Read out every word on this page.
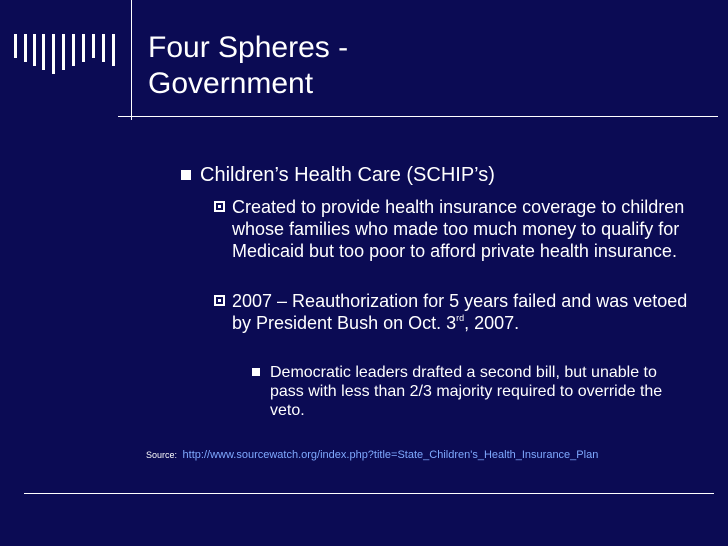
Four Spheres -
Government
Children’s Health Care (SCHIP’s)
Created to provide health insurance coverage to children whose families who made too much money to qualify for Medicaid but too poor to afford private health insurance.
2007 – Reauthorization for 5 years failed and was vetoed by President Bush on Oct. 3rd, 2007.
Democratic leaders drafted a second bill, but unable to pass with less than 2/3 majority required to override the veto.
Source: http://www.sourcewatch.org/index.php?title=State_Children's_Health_Insurance_Plan
